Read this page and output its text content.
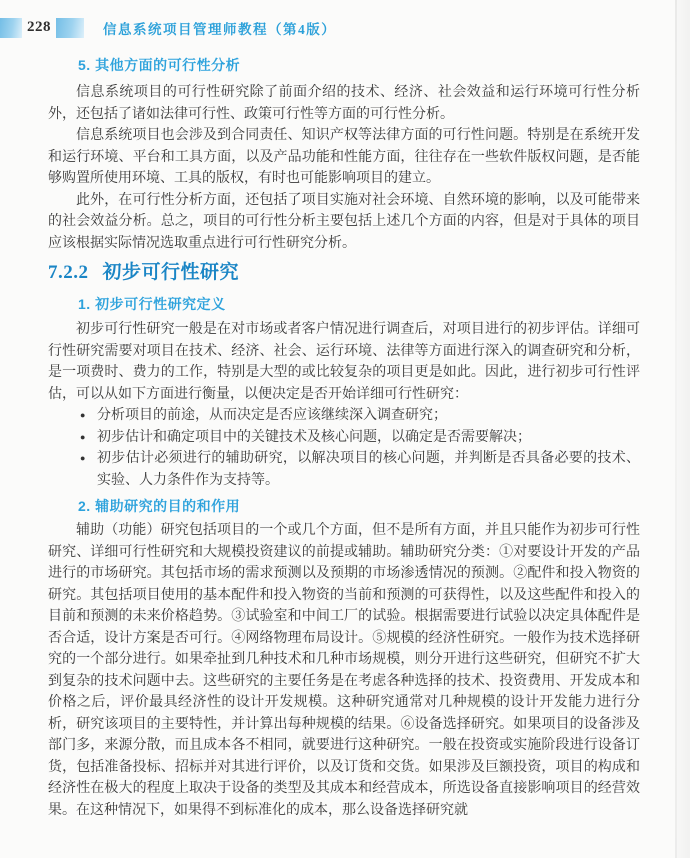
228	信息系统项目管理师教程（第4版）
5. 其他方面的可行性分析

信息系统项目的可行性研究除了前面介绍的技术、经济、社会效益和运行环境可行性分析外，还包括了诸如法律可行性、政策可行性等方面的可行性分析。

信息系统项目也会涉及到合同责任、知识产权等法律方面的可行性问题。特别是在系统开发和运行环境、平台和工具方面，以及产品功能和性能方面，往往存在一些软件版权问题，是否能够购置所使用环境、工具的版权，有时也可能影响项目的建立。

此外，在可行性分析方面，还包括了项目实施对社会环境、自然环境的影响，以及可能带来的社会效益分析。总之，项目的可行性分析主要包括上述几个方面的内容，但是对于具体的项目应该根据实际情况选取重点进行可行性研究分析。

7.2.2 初步可行性研究
1. 初步可行性研究定义

初步可行性研究一般是在对市场或者客户情况进行调查后，对项目进行的初步评估。详细可行性研究需要对项目在技术、经济、社会、运行环境、法律等方面进行深入的调查研究和分析，是一项费时、费力的工作，特别是大型的或比较复杂的项目更是如此。因此，进行初步可行性评估，可以从如下方面进行衡量，以便决定是否开始详细可行性研究：

● 分析项目的前途，从而决定是否应该继续深入调查研究；
● 初步估计和确定项目中的关键技术及核心问题，以确定是否需要解决；
● 初步估计必须进行的辅助研究，以解决项目的核心问题，并判断是否具备必要的技术、实验、人力条件作为支持等。
2. 辅助研究的目的和作用

辅助（功能）研究包括项目的一个或几个方面，但不是所有方面，并且只能作为初步可行性研究、详细可行性研究和大规模投资建议的前提或辅助。辅助研究分类：①对要设计开发的产品进行的市场研究。其包括市场的需求预测以及预期的市场渗透情况的预测。②配件和投入物资的研究。其包括项目使用的基本配件和投入物资的当前和预测的可获得性，以及这些配件和投入的目前和预测的未来价格趋势。③试验室和中间工厂的试验。根据需要进行试验以决定具体配件是否合适，设计方案是否可行。④网络物理布局设计。⑤规模的经济性研究。一般作为技术选择研究的一个部分进行。如果牵扯到几种技术和几种市场规模，则分开进行这些研究，但研究不扩大到复杂的技术问题中去。这些研究的主要任务是在考虑各种选择的技术、投资费用、开发成本和价格之后，评价最具经济性的设计开发规模。这种研究通常对几种规模的设计开发能力进行分析，研究该项目的主要特性，并计算出每种规模的结果。⑥设备选择研究。如果项目的设备涉及部门多，来源分散，而且成本各不相同，就要进行这种研究。一般在投资或实施阶段进行设备订货，包括准备投标、招标并对其进行评价，以及订货和交货。如果涉及巨额投资，项目的构成和经济性在极大的程度上取决于设备的类型及其成本和经营成本，所选设备直接影响项目的经营效果。在这种情况下，如果得不到标准化的成本，那么设备选择研究就
